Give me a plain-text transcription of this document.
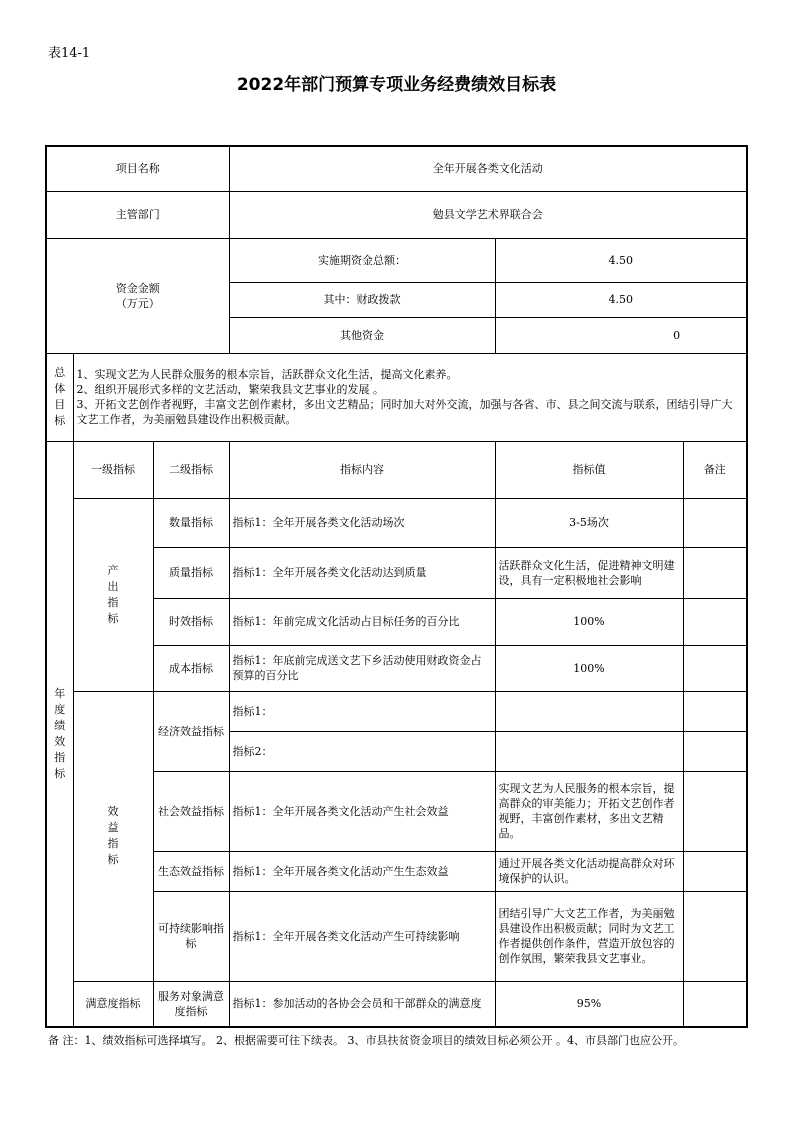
表14-1
2022年部门预算专项业务经费绩效目标表
项目名称			全年开展各类文化活动		
主管部门			勉县文学艺术界联合会		

资金金额
（万元）			实施期资金总额：	4.50	
			其中：财政拨款	4.50	
			其他资金	0	

总体目标	1、实现文艺为人民群众服务的根本宗旨，活跃群众文化生活，提高文化素养。
2、组织开展形式多样的文艺活动，繁荣我县文艺事业的发展 。
3、开拓文艺创作者视野，丰富文艺创作素材，多出文艺精品；同时加大对外交流，加强与各省、市、县之间交流与联系，团结引导广大文艺工作者，为美丽勉县建设作出积极贡献。				

年度绩效指标	一级指标	二级指标	指标内容	指标值	备注

	产出指标	数量指标	指标1：全年开展各类文化活动场次	3-5场次	
		质量指标	指标1：全年开展各类文化活动达到质量	活跃群众文化生活，促进精神文明建设，具有一定积极地社会影响	
		时效指标	指标1：年前完成文化活动占目标任务的百分比	100%	
		成本指标	指标1：年底前完成送文艺下乡活动使用财政资金占预算的百分比	100%	

	效益指标	经济效益指标	指标1：		
			指标2：		
		社会效益指标	指标1：全年开展各类文化活动产生社会效益	实现文艺为人民服务的根本宗旨，提高群众的审美能力；开拓文艺创作者视野，丰富创作素材，多出文艺精品。	
		生态效益指标	指标1：全年开展各类文化活动产生生态效益	通过开展各类文化活动提高群众对环境保护的认识。	
		可持续影响指标	指标1：全年开展各类文化活动产生可持续影响	团结引导广大文艺工作者，为美丽勉县建设作出积极贡献；同时为文艺工作者提供创作条件，营造开放包容的创作氛围，繁荣我县文艺事业。	
	满意度指标	服务对象满意度指标	指标1：参加活动的各协会会员和干部群众的满意度	95%	
备 注：1、绩效指标可选择填写。 2、根据需要可往下续表。 3、市县扶贫资金项目的绩效目标必须公开 。4、市县部门也应公开。
